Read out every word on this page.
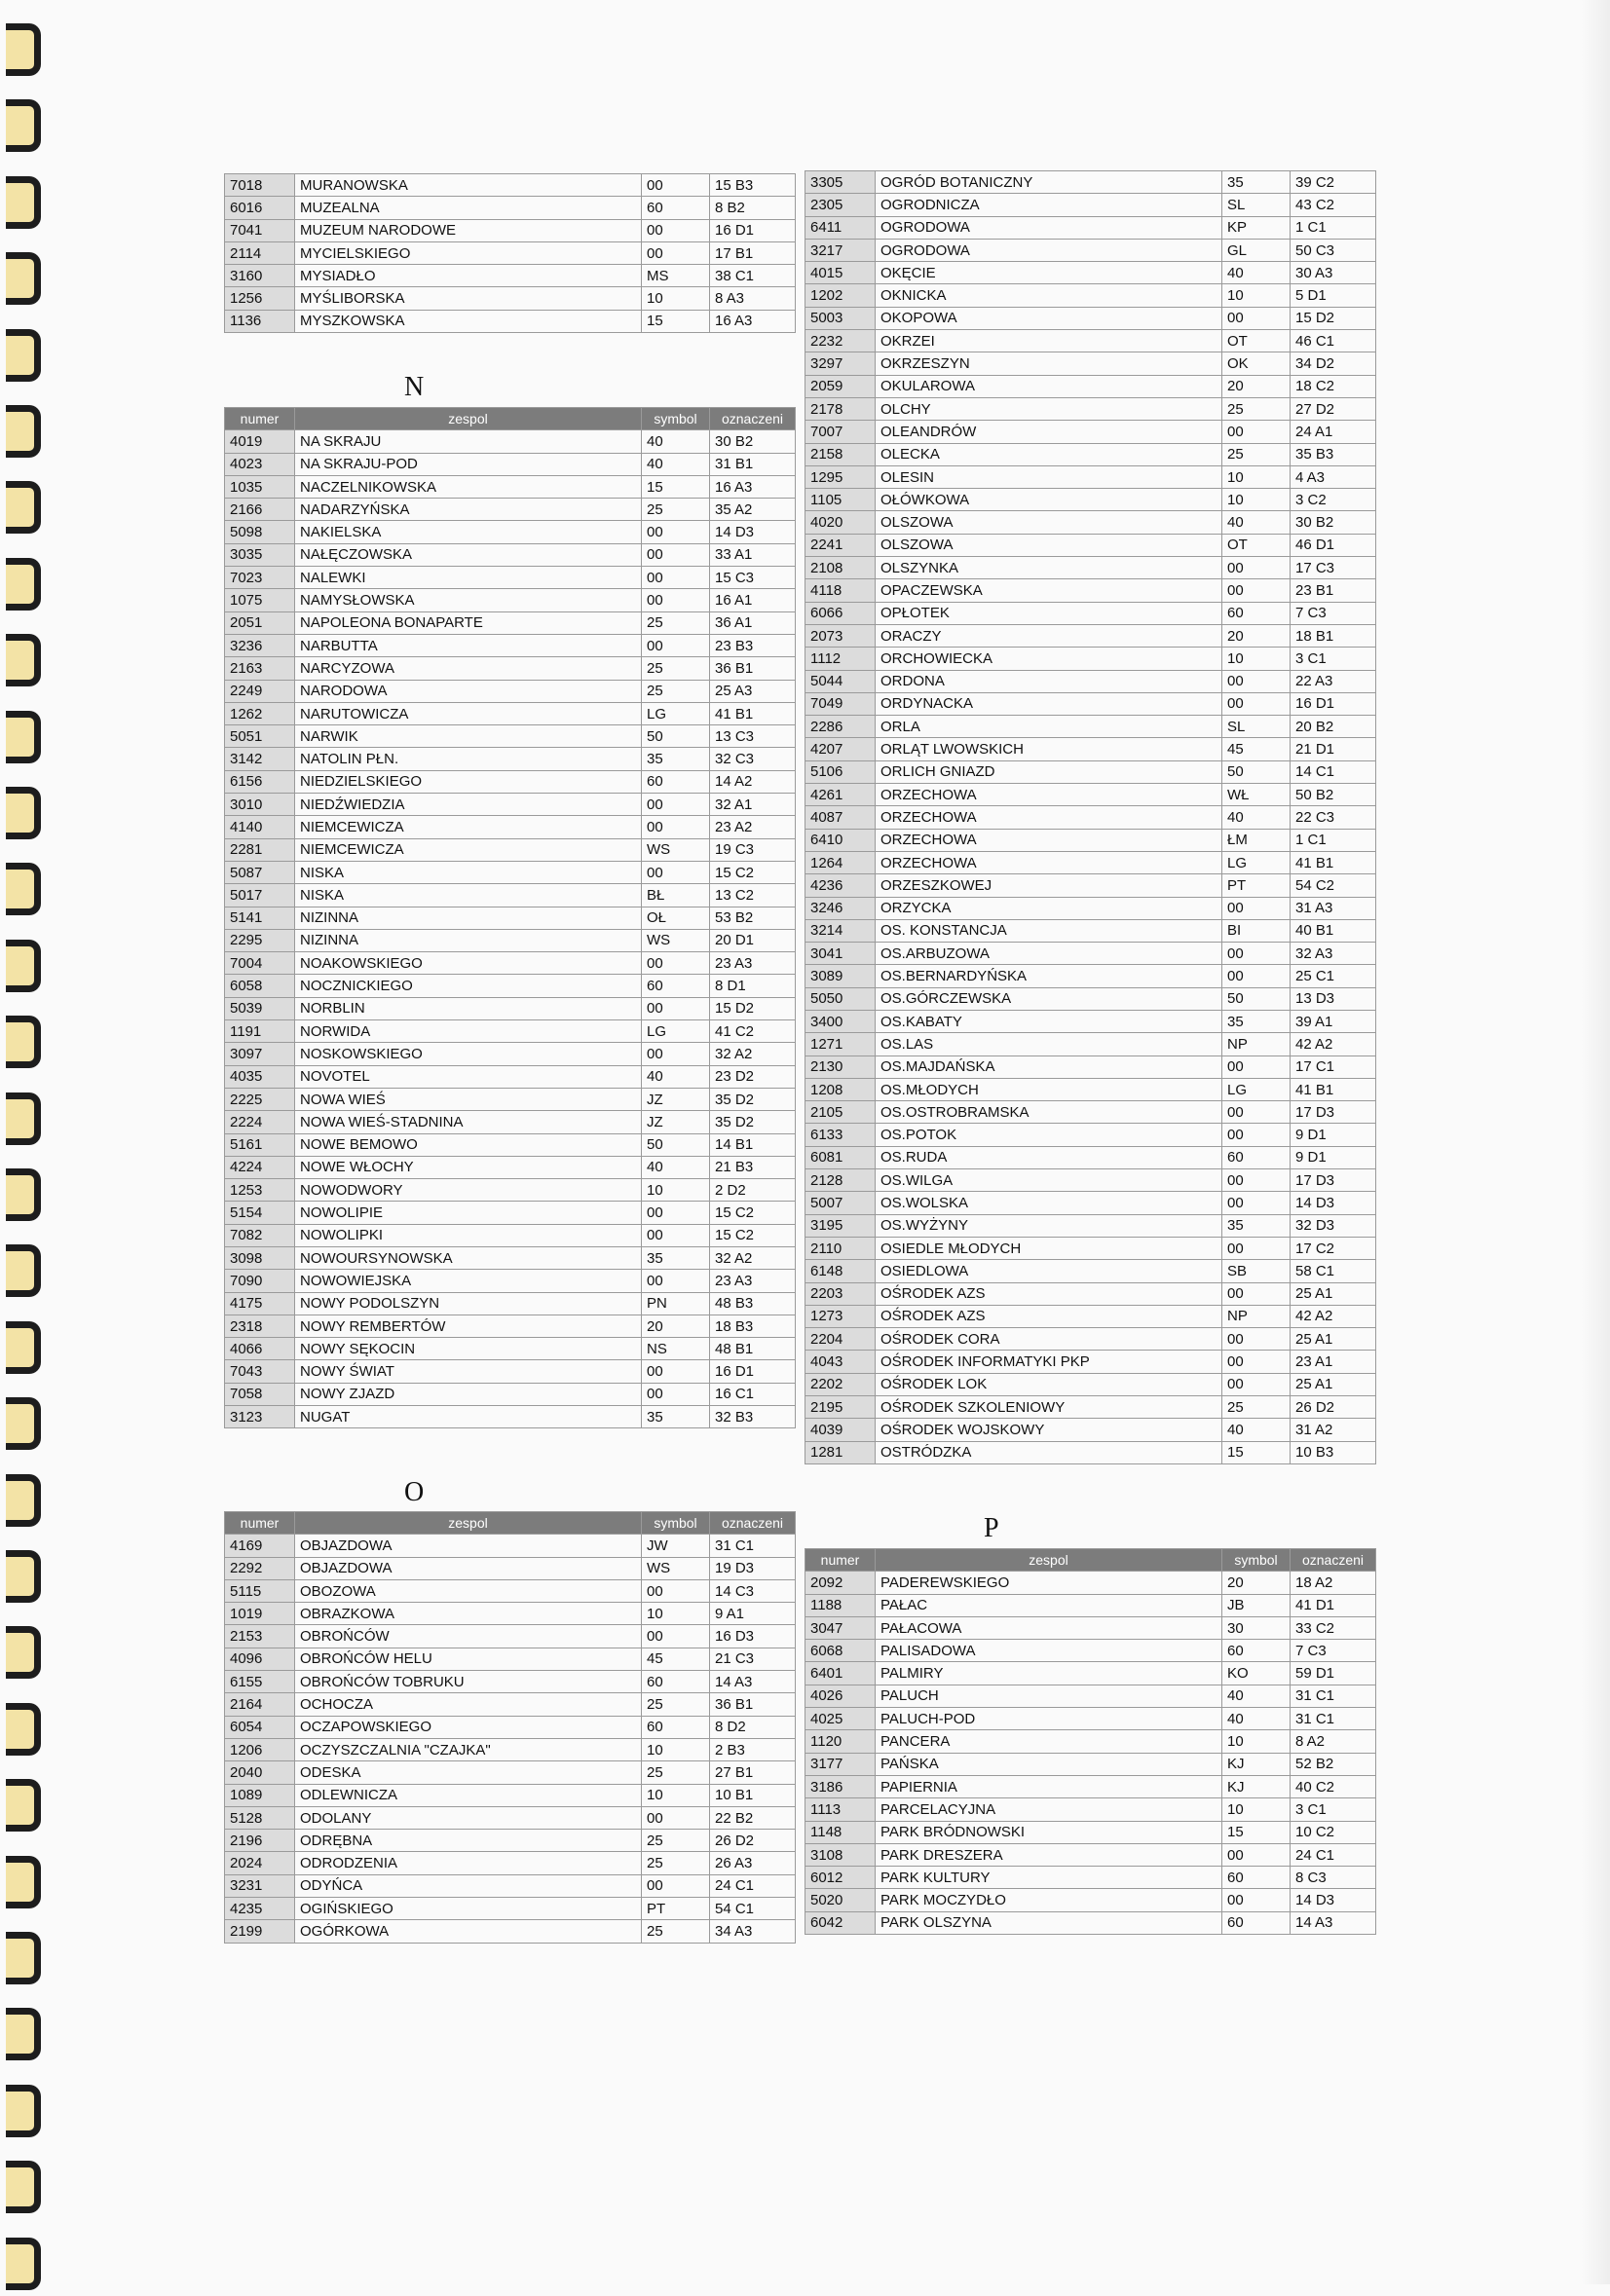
N
O
P
7018	MURANOWSKA	00	15 B3
6016	MUZEALNA	60	8 B2
7041	MUZEUM NARODOWE	00	16 D1
2114	MYCIELSKIEGO	00	17 B1
3160	MYSIADŁO	MS	38 C1
1256	MYŚLIBORSKA	10	8 A3
1136	MYSZKOWSKA	15	16 A3
numer	zespol	symbol	oznaczeni
4019	NA SKRAJU	40	30 B2
4023	NA SKRAJU-POD	40	31 B1
1035	NACZELNIKOWSKA	15	16 A3
2166	NADARZYŃSKA	25	35 A2
5098	NAKIELSKA	00	14 D3
3035	NAŁĘCZOWSKA	00	33 A1
7023	NALEWKI	00	15 C3
1075	NAMYSŁOWSKA	00	16 A1
2051	NAPOLEONA BONAPARTE	25	36 A1
3236	NARBUTTA	00	23 B3
2163	NARCYZOWA	25	36 B1
2249	NARODOWA	25	25 A3
1262	NARUTOWICZA	LG	41 B1
5051	NARWIK	50	13 C3
3142	NATOLIN PŁN.	35	32 C3
6156	NIEDZIELSKIEGO	60	14 A2
3010	NIEDŹWIEDZIA	00	32 A1
4140	NIEMCEWICZA	00	23 A2
2281	NIEMCEWICZA	WS	19 C3
5087	NISKA	00	15 C2
5017	NISKA	BŁ	13 C2
5141	NIZINNA	OŁ	53 B2
2295	NIZINNA	WS	20 D1
7004	NOAKOWSKIEGO	00	23 A3
6058	NOCZNICKIEGO	60	8 D1
5039	NORBLIN	00	15 D2
1191	NORWIDA	LG	41 C2
3097	NOSKOWSKIEGO	00	32 A2
4035	NOVOTEL	40	23 D2
2225	NOWA WIEŚ	JZ	35 D2
2224	NOWA WIEŚ-STADNINA	JZ	35 D2
5161	NOWE BEMOWO	50	14 B1
4224	NOWE WŁOCHY	40	21 B3
1253	NOWODWORY	10	2 D2
5154	NOWOLIPIE	00	15 C2
7082	NOWOLIPKI	00	15 C2
3098	NOWOURSYNOWSKA	35	32 A2
7090	NOWOWIEJSKA	00	23 A3
4175	NOWY PODOLSZYN	PN	48 B3
2318	NOWY REMBERTÓW	20	18 B3
4066	NOWY SĘKOCIN	NS	48 B1
7043	NOWY ŚWIAT	00	16 D1
7058	NOWY ZJAZD	00	16 C1
3123	NUGAT	35	32 B3
numer	zespol	symbol	oznaczeni
4169	OBJAZDOWA	JW	31 C1
2292	OBJAZDOWA	WS	19 D3
5115	OBOZOWA	00	14 C3
1019	OBRAZKOWA	10	9 A1
2153	OBROŃCÓW	00	16 D3
4096	OBROŃCÓW HELU	45	21 C3
6155	OBROŃCÓW TOBRUKU	60	14 A3
2164	OCHOCZA	25	36 B1
6054	OCZAPOWSKIEGO	60	8 D2
1206	OCZYSZCZALNIA "CZAJKA"	10	2 B3
2040	ODESKA	25	27 B1
1089	ODLEWNICZA	10	10 B1
5128	ODOLANY	00	22 B2
2196	ODRĘBNA	25	26 D2
2024	ODRODZENIA	25	26 A3
3231	ODYŃCA	00	24 C1
4235	OGIŃSKIEGO	PT	54 C1
2199	OGÓRKOWA	25	34 A3
3305	OGRÓD BOTANICZNY	35	39 C2
2305	OGRODNICZA	SL	43 C2
6411	OGRODOWA	KP	1 C1
3217	OGRODOWA	GL	50 C3
4015	OKĘCIE	40	30 A3
1202	OKNICKA	10	5 D1
5003	OKOPOWA	00	15 D2
2232	OKRZEI	OT	46 C1
3297	OKRZESZYN	OK	34 D2
2059	OKULAROWA	20	18 C2
2178	OLCHY	25	27 D2
7007	OLEANDRÓW	00	24 A1
2158	OLECKA	25	35 B3
1295	OLESIN	10	4 A3
1105	OŁÓWKOWA	10	3 C2
4020	OLSZOWA	40	30 B2
2241	OLSZOWA	OT	46 D1
2108	OLSZYNKA	00	17 C3
4118	OPACZEWSKA	00	23 B1
6066	OPŁOTEK	60	7 C3
2073	ORACZY	20	18 B1
1112	ORCHOWIECKA	10	3 C1
5044	ORDONA	00	22 A3
7049	ORDYNACKA	00	16 D1
2286	ORLA	SL	20 B2
4207	ORLĄT LWOWSKICH	45	21 D1
5106	ORLICH GNIAZD	50	14 C1
4261	ORZECHOWA	WŁ	50 B2
4087	ORZECHOWA	40	22 C3
6410	ORZECHOWA	ŁM	1 C1
1264	ORZECHOWA	LG	41 B1
4236	ORZESZKOWEJ	PT	54 C2
3246	ORZYCKA	00	31 A3
3214	OS. KONSTANCJA	BI	40 B1
3041	OS.ARBUZOWA	00	32 A3
3089	OS.BERNARDYŃSKA	00	25 C1
5050	OS.GÓRCZEWSKA	50	13 D3
3400	OS.KABATY	35	39 A1
1271	OS.LAS	NP	42 A2
2130	OS.MAJDAŃSKA	00	17 C1
1208	OS.MŁODYCH	LG	41 B1
2105	OS.OSTROBRAMSKA	00	17 D3
6133	OS.POTOK	00	9 D1
6081	OS.RUDA	60	9 D1
2128	OS.WILGA	00	17 D3
5007	OS.WOLSKA	00	14 D3
3195	OS.WYŻYNY	35	32 D3
2110	OSIEDLE MŁODYCH	00	17 C2
6148	OSIEDLOWA	SB	58 C1
2203	OŚRODEK AZS	00	25 A1
1273	OŚRODEK AZS	NP	42 A2
2204	OŚRODEK CORA	00	25 A1
4043	OŚRODEK INFORMATYKI PKP	00	23 A1
2202	OŚRODEK LOK	00	25 A1
2195	OŚRODEK SZKOLENIOWY	25	26 D2
4039	OŚRODEK WOJSKOWY	40	31 A2
1281	OSTRÓDZKA	15	10 B3
numer	zespol	symbol	oznaczeni
2092	PADEREWSKIEGO	20	18 A2
1188	PAŁAC	JB	41 D1
3047	PAŁACOWA	30	33 C2
6068	PALISADOWA	60	7 C3
6401	PALMIRY	KO	59 D1
4026	PALUCH	40	31 C1
4025	PALUCH-POD	40	31 C1
1120	PANCERA	10	8 A2
3177	PAŃSKA	KJ	52 B2
3186	PAPIERNIA	KJ	40 C2
1113	PARCELACYJNA	10	3 C1
1148	PARK BRÓDNOWSKI	15	10 C2
3108	PARK DRESZERA	00	24 C1
6012	PARK KULTURY	60	8 C3
5020	PARK MOCZYDŁO	00	14 D3
6042	PARK OLSZYNA	60	14 A3
